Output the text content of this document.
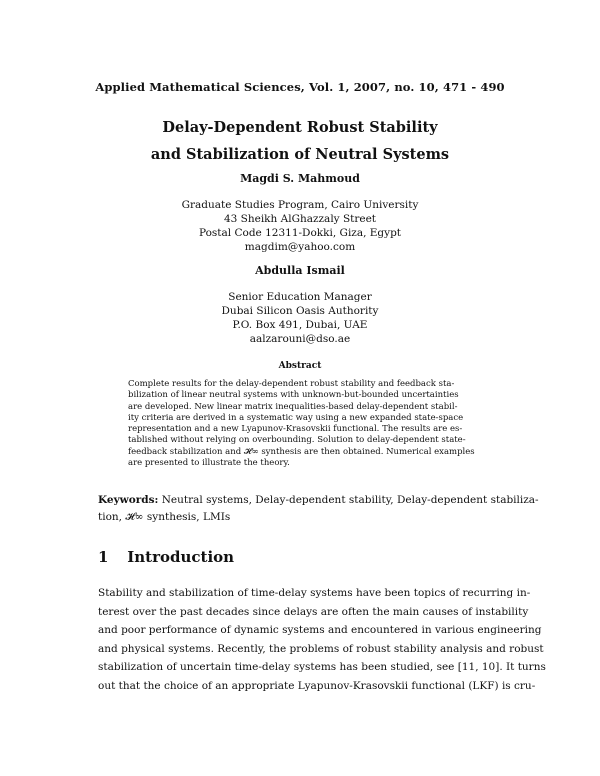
Applied Mathematical Sciences, Vol. 1, 2007, no. 10, 471 - 490
Delay-Dependent Robust Stability
and Stabilization of Neutral Systems
Magdi S. Mahmoud
Graduate Studies Program, Cairo University
43 Sheikh AlGhazzaly Street
Postal Code 12311-Dokki, Giza, Egypt
magdim@yahoo.com
Abdulla Ismail
Senior Education Manager
Dubai Silicon Oasis Authority
P.O. Box 491, Dubai, UAE
aalzarouni@dso.ae
Abstract
Complete results for the delay-dependent robust stability and feedback sta-
bilization of linear neutral systems with unknown-but-bounded uncertainties
are developed. New linear matrix inequalities-based delay-dependent stabil-
ity criteria are derived in a systematic way using a new expanded state-space
representation and a new Lyapunov-Krasovskii functional. The results are es-
tablished without relying on overbounding. Solution to delay-dependent state-
feedback stabilization and 𝓗∞ synthesis are then obtained. Numerical examples
are presented to illustrate the theory.
Keywords: Neutral systems, Delay-dependent stability, Delay-dependent stabiliza-
tion, 𝓗∞ synthesis, LMIs
1 Introduction
Stability and stabilization of time-delay systems have been topics of recurring in-
terest over the past decades since delays are often the main causes of instability
and poor performance of dynamic systems and encountered in various engineering
and physical systems. Recently, the problems of robust stability analysis and robust
stabilization of uncertain time-delay systems has been studied, see [11, 10]. It turns
out that the choice of an appropriate Lyapunov-Krasovskii functional (LKF) is cru-
